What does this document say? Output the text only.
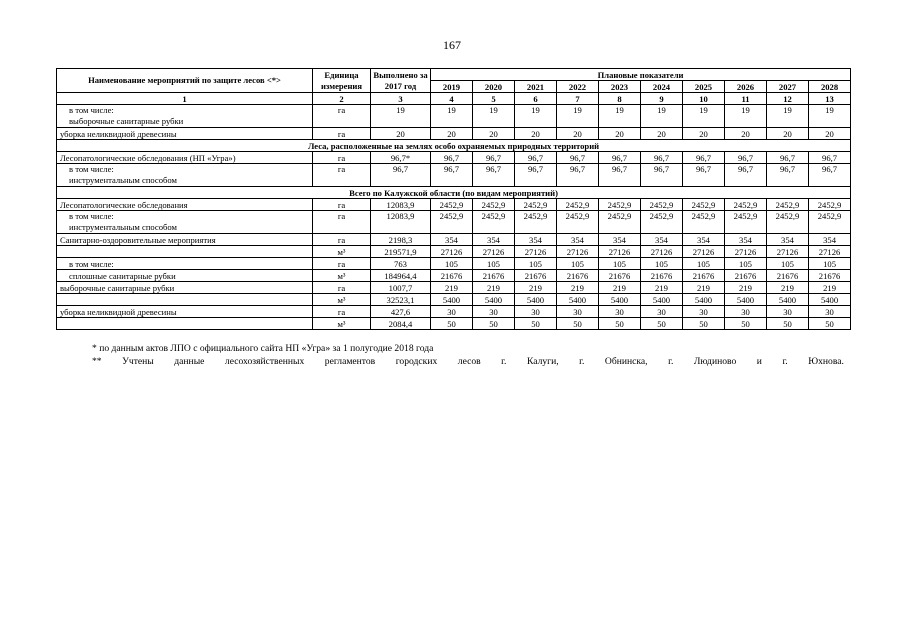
167
Наименование мероприятий по защите лесов <*>	Единица измерения	Выполнено за 2017 год	Плановые показатели									
			2019	2020	2021	2022	2023	2024	2025	2026	2027	2028
1	2	3	4	5	6	7	8	9	10	11	12	13

в том числе:
выборочные санитарные рубки	га	19	19	19	19	19	19	19	19	19	19	19

уборка неликвидной древесины	га	20	20	20	20	20	20	20	20	20	20	20
Леса, расположенные на землях особо охраняемых природных территорий												

Лесопатологические обследования (НП «Угра»)	га	96,7*	96,7	96,7	96,7	96,7	96,7	96,7	96,7	96,7	96,7	96,7

в том числе:
инструментальным способом	га	96,7	96,7	96,7	96,7	96,7	96,7	96,7	96,7	96,7	96,7	96,7
Всего по Калужской области (по видам мероприятий)												

Лесопатологические обследования	га	12083,9	2452,9	2452,9	2452,9	2452,9	2452,9	2452,9	2452,9	2452,9	2452,9	2452,9

в том числе:
инструментальным способом	га	12083,9	2452,9	2452,9	2452,9	2452,9	2452,9	2452,9	2452,9	2452,9	2452,9	2452,9

Санитарно-оздоровительные мероприятия	га	2198,3	354	354	354	354	354	354	354	354	354	354
	м³	219571,9	27126	27126	27126	27126	27126	27126	27126	27126	27126	27126

в том числе:	га	763	105	105	105	105	105	105	105	105	105	105

сплошные санитарные рубки	м³	184964,4	21676	21676	21676	21676	21676	21676	21676	21676	21676	21676

выборочные санитарные рубки	га	1007,7	219	219	219	219	219	219	219	219	219	219
	м³	32523,1	5400	5400	5400	5400	5400	5400	5400	5400	5400	5400

уборка неликвидной древесины	га	427,6	30	30	30	30	30	30	30	30	30	30
	м³	2084,4	50	50	50	50	50	50	50	50	50	50
* по данным актов ЛПО с официального сайта НП «Угра» за 1 полугодие 2018 года
** Учтены данные лесохозяйственных регламентов городских лесов г. Калуги, г. Обнинска, г. Людиново и г. Юхнова.
